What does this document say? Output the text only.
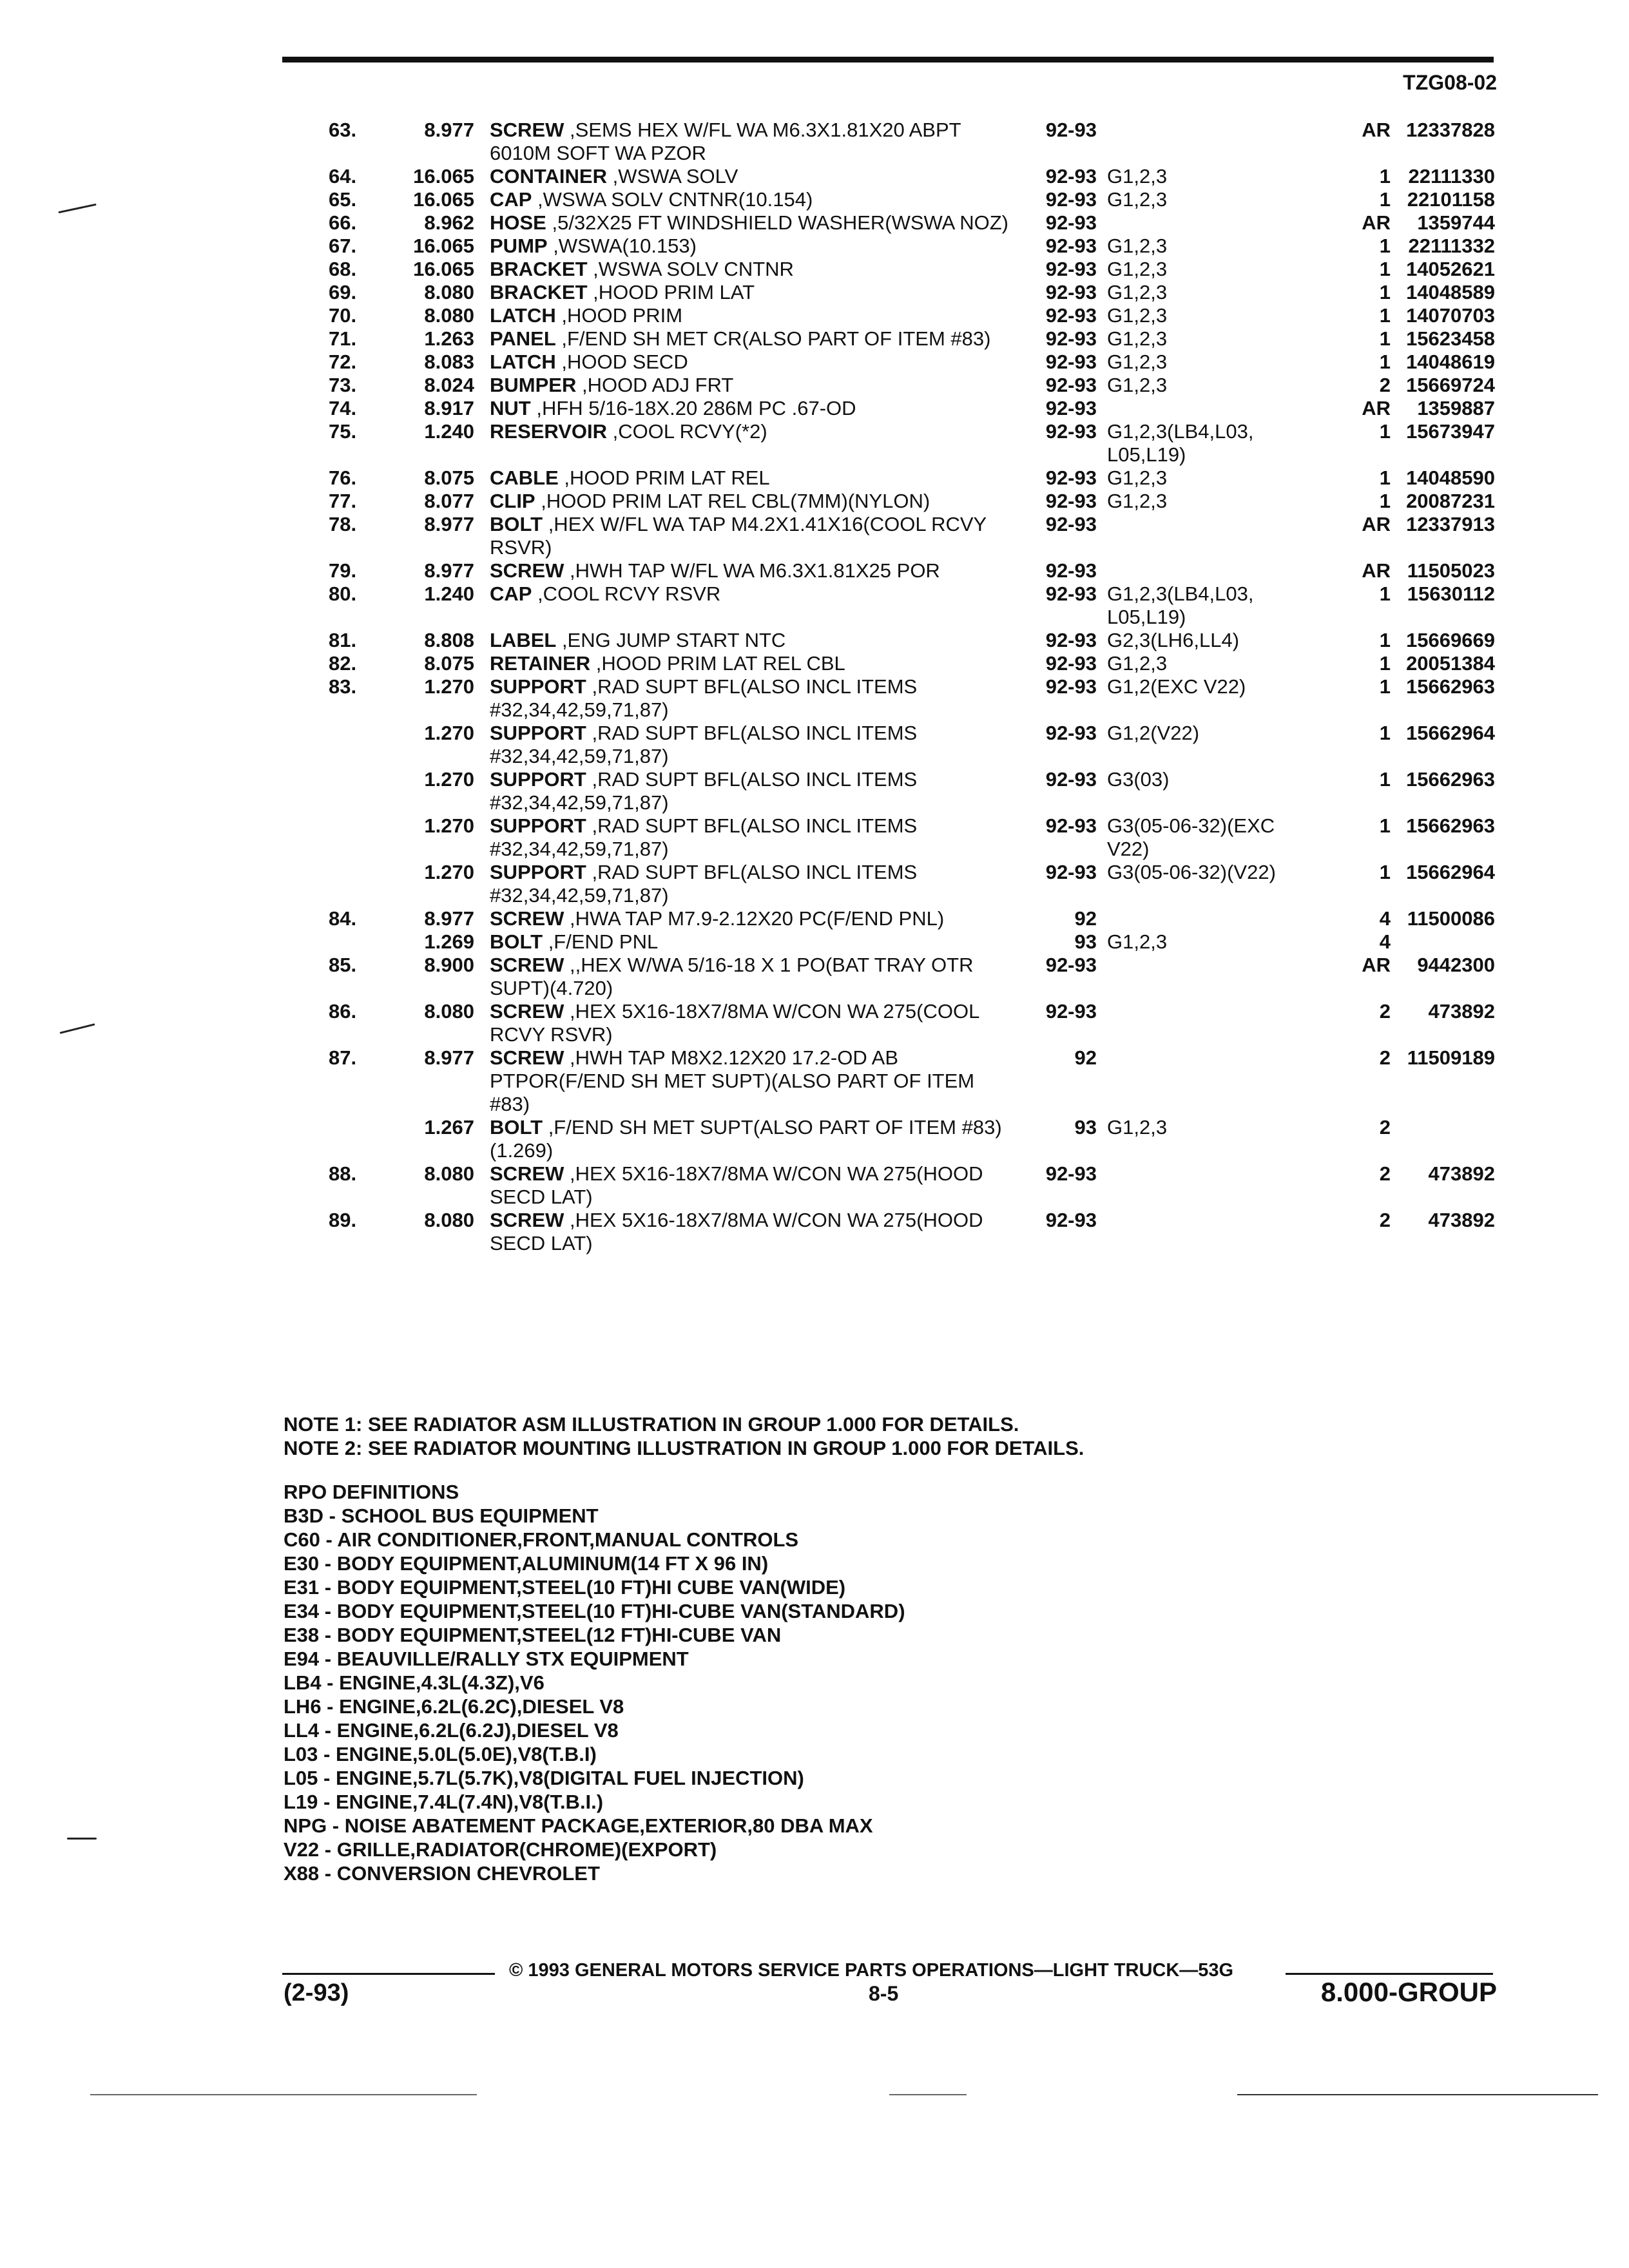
TZG08-02
63.	8.977	SCREW ,SEMS HEX W/FL WA M6.3X1.81X20 ABPT 6010M SOFT WA PZOR	92-93		AR	12337828
64.	16.065	CONTAINER ,WSWA SOLV	92-93	G1,2,3	1	22111330
65.	16.065	CAP ,WSWA SOLV CNTNR(10.154)	92-93	G1,2,3	1	22101158
66.	8.962	HOSE ,5/32X25 FT WINDSHIELD WASHER(WSWA NOZ)	92-93		AR	1359744
67.	16.065	PUMP ,WSWA(10.153)	92-93	G1,2,3	1	22111332
68.	16.065	BRACKET ,WSWA SOLV CNTNR	92-93	G1,2,3	1	14052621
69.	8.080	BRACKET ,HOOD PRIM LAT	92-93	G1,2,3	1	14048589
70.	8.080	LATCH ,HOOD PRIM	92-93	G1,2,3	1	14070703
71.	1.263	PANEL ,F/END SH MET CR(ALSO PART OF ITEM #83)	92-93	G1,2,3	1	15623458
72.	8.083	LATCH ,HOOD SECD	92-93	G1,2,3	1	14048619
73.	8.024	BUMPER ,HOOD ADJ FRT	92-93	G1,2,3	2	15669724
74.	8.917	NUT ,HFH 5/16-18X.20 286M PC .67-OD	92-93		AR	1359887
75.	1.240	RESERVOIR ,COOL RCVY(*2)	92-93	G1,2,3(LB4,L03,
L05,L19)	1	15673947
76.	8.075	CABLE ,HOOD PRIM LAT REL	92-93	G1,2,3	1	14048590
77.	8.077	CLIP ,HOOD PRIM LAT REL CBL(7MM)(NYLON)	92-93	G1,2,3	1	20087231
78.	8.977	BOLT ,HEX W/FL WA TAP M4.2X1.41X16(COOL RCVY RSVR)	92-93		AR	12337913
79.	8.977	SCREW ,HWH TAP W/FL WA M6.3X1.81X25 POR	92-93		AR	11505023
80.	1.240	CAP ,COOL RCVY RSVR	92-93	G1,2,3(LB4,L03,
L05,L19)	1	15630112
81.	8.808	LABEL ,ENG JUMP START NTC	92-93	G2,3(LH6,LL4)	1	15669669
82.	8.075	RETAINER ,HOOD PRIM LAT REL CBL	92-93	G1,2,3	1	20051384
83.	1.270	SUPPORT ,RAD SUPT BFL(ALSO INCL ITEMS #32,34,42,59,71,87)	92-93	G1,2(EXC V22)	1	15662963
	1.270	SUPPORT ,RAD SUPT BFL(ALSO INCL ITEMS #32,34,42,59,71,87)	92-93	G1,2(V22)	1	15662964
	1.270	SUPPORT ,RAD SUPT BFL(ALSO INCL ITEMS #32,34,42,59,71,87)	92-93	G3(03)	1	15662963
	1.270	SUPPORT ,RAD SUPT BFL(ALSO INCL ITEMS #32,34,42,59,71,87)	92-93	G3(05-06-32)(EXC
V22)	1	15662963
	1.270	SUPPORT ,RAD SUPT BFL(ALSO INCL ITEMS #32,34,42,59,71,87)	92-93	G3(05-06-32)(V22)	1	15662964
84.	8.977	SCREW ,HWA TAP M7.9-2.12X20 PC(F/END PNL)	92		4	11500086
	1.269	BOLT ,F/END PNL	93	G1,2,3	4	
85.	8.900	SCREW ,,HEX W/WA 5/16-18 X 1 PO(BAT TRAY OTR SUPT)(4.720)	92-93		AR	9442300
86.	8.080	SCREW ,HEX 5X16-18X7/8MA W/CON WA 275(COOL RCVY RSVR)	92-93		2	473892
87.	8.977	SCREW ,HWH TAP M8X2.12X20 17.2-OD AB PTPOR(F/END SH MET SUPT)(ALSO PART OF ITEM #83)	92		2	11509189
	1.267	BOLT ,F/END SH MET SUPT(ALSO PART OF ITEM #83)(1.269)	93	G1,2,3	2	
88.	8.080	SCREW ,HEX 5X16-18X7/8MA W/CON WA 275(HOOD SECD LAT)	92-93		2	473892
89.	8.080	SCREW ,HEX 5X16-18X7/8MA W/CON WA 275(HOOD SECD LAT)	92-93		2	473892
NOTE 1: SEE RADIATOR ASM ILLUSTRATION IN GROUP 1.000 FOR DETAILS.
NOTE 2: SEE RADIATOR MOUNTING ILLUSTRATION IN GROUP 1.000 FOR DETAILS.
RPO DEFINITIONS
B3D - SCHOOL BUS EQUIPMENT
C60 - AIR CONDITIONER,FRONT,MANUAL CONTROLS
E30 - BODY EQUIPMENT,ALUMINUM(14 FT X 96 IN)
E31 - BODY EQUIPMENT,STEEL(10 FT)HI CUBE VAN(WIDE)
E34 - BODY EQUIPMENT,STEEL(10 FT)HI-CUBE VAN(STANDARD)
E38 - BODY EQUIPMENT,STEEL(12 FT)HI-CUBE VAN
E94 - BEAUVILLE/RALLY STX EQUIPMENT
LB4 - ENGINE,4.3L(4.3Z),V6
LH6 - ENGINE,6.2L(6.2C),DIESEL V8
LL4 - ENGINE,6.2L(6.2J),DIESEL V8
L03 - ENGINE,5.0L(5.0E),V8(T.B.I)
L05 - ENGINE,5.7L(5.7K),V8(DIGITAL FUEL INJECTION)
L19 - ENGINE,7.4L(7.4N),V8(T.B.I.)
NPG - NOISE ABATEMENT PACKAGE,EXTERIOR,80 DBA MAX
V22 - GRILLE,RADIATOR(CHROME)(EXPORT)
X88 - CONVERSION CHEVROLET
© 1993 GENERAL MOTORS SERVICE PARTS OPERATIONS—LIGHT TRUCK—53G
(2-93)	8-5	8.000-GROUP
